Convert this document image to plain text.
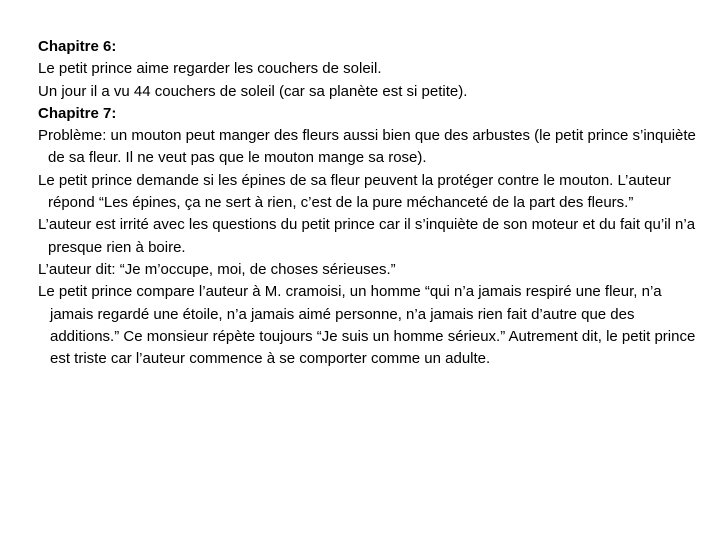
Chapitre 6:

Le petit prince aime regarder les couchers de soleil.

Un jour il a vu 44 couchers de soleil (car sa planète est si petite).

Chapitre 7:

Problème: un mouton peut manger des fleurs aussi bien que des arbustes (le petit prince s’inquiète de sa fleur. Il ne veut pas que le mouton mange sa rose).

Le petit prince demande si les épines de sa fleur peuvent la protéger contre le mouton. L’auteur répond “Les épines, ça ne sert à rien, c’est de la pure méchanceté de la part des fleurs.”

L’auteur est irrité avec les questions du petit prince car il s’inquiète de son moteur et du fait qu’il n’a presque rien à boire.

L’auteur dit: “Je m’occupe, moi, de choses sérieuses.”

Le petit prince compare l’auteur à M. cramoisi, un homme “qui n’a jamais respiré une fleur, n’a jamais regardé une étoile, n’a jamais aimé personne, n’a jamais rien fait d’autre que des additions.” Ce monsieur répète toujours “Je suis un homme sérieux.” Autrement dit, le petit prince est triste car l’auteur commence à se comporter comme un adulte.
